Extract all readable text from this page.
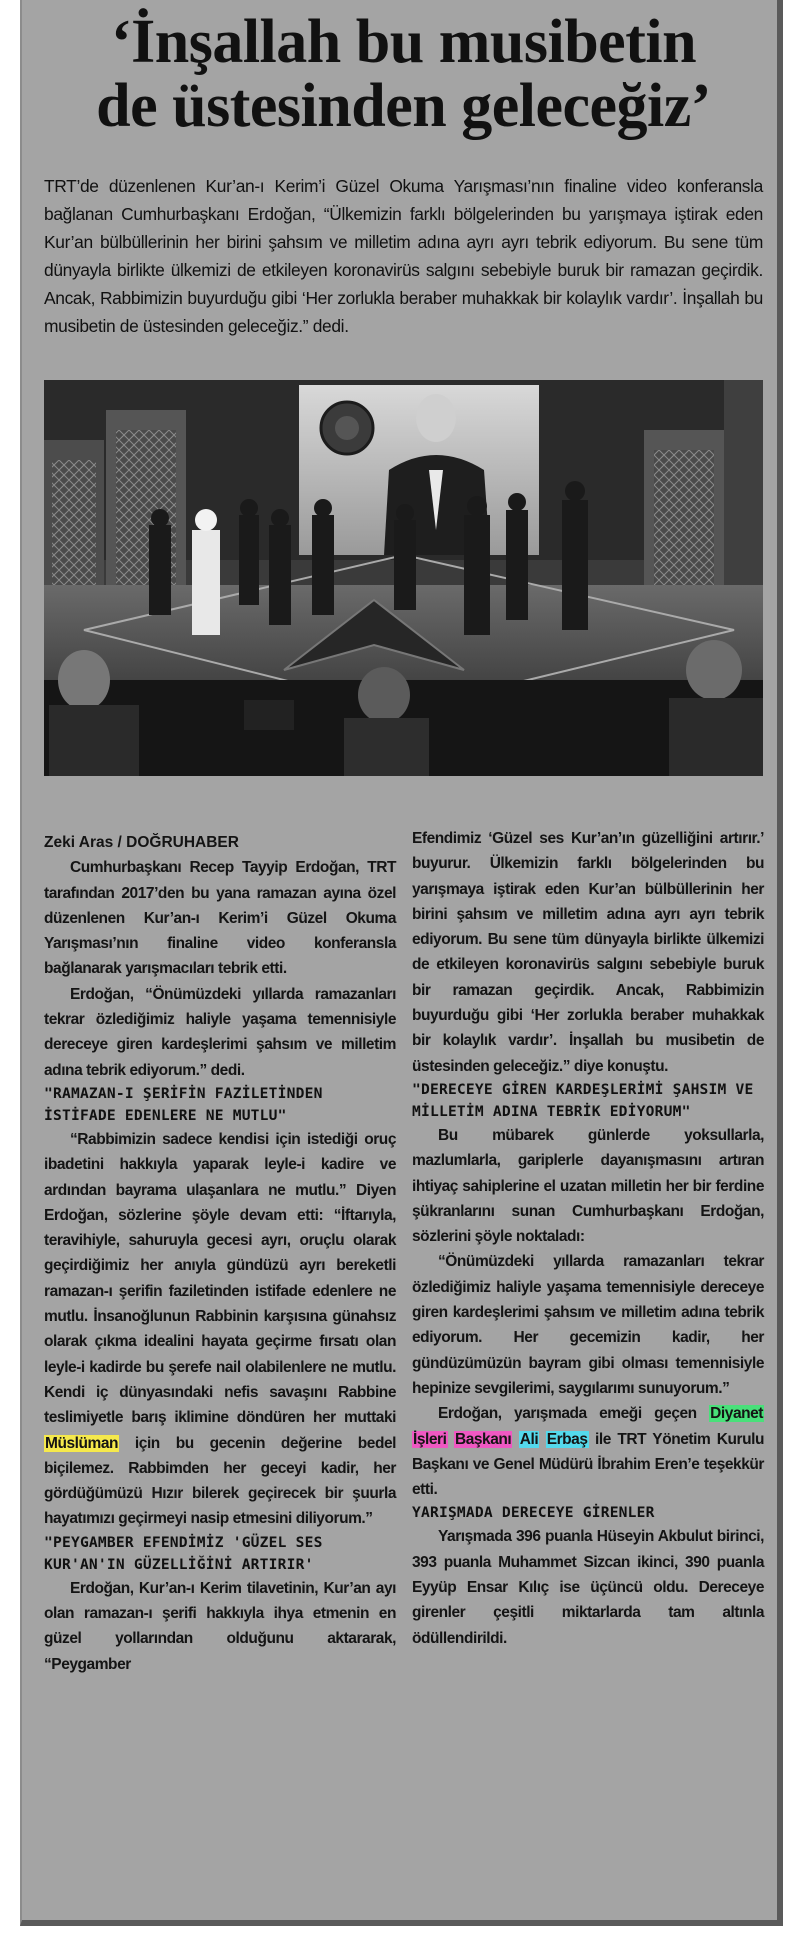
‘İnşallah bu musibetin
de üstesinden geleceğiz’

TRT’de düzenlenen Kur’an-ı Kerim’i Güzel Okuma Yarışması’nın finaline video konferansla bağlanan Cumhurbaşkanı Erdoğan, “Ülkemizin farklı bölgelerinden bu yarışmaya iştirak eden Kur’an bülbüllerinin her birini şahsım ve milletim adına ayrı ayrı tebrik ediyorum. Bu sene tüm dünyayla birlikte ülkemizi de etkileyen koronavirüs salgını sebebiyle buruk bir ramazan geçirdik. Ancak, Rabbimizin buyurduğu gibi ‘Her zorlukla beraber muhakkak bir kolaylık vardır’. İnşallah bu musibetin de üstesinden geleceğiz.” dedi.

Zeki Aras / DOĞRUHABER

Cumhurbaşkanı Recep Tayyip Erdoğan, TRT tarafından 2017’den bu yana ramazan ayına özel düzenlenen Kur’an-ı Kerim’i Güzel Okuma Yarışması’nın finaline video konferansla bağlanarak yarışmacıları tebrik etti.

Erdoğan, “Önümüzdeki yıllarda ramazanları tekrar özlediğimiz haliyle yaşama temennisiyle dereceye giren kardeşlerimi şahsım ve milletim adına tebrik ediyorum.” dedi.

"RAMAZAN-I ŞERİFİN FAZİLETİNDEN İSTİFADE EDENLERE NE MUTLU"

“Rabbimizin sadece kendisi için istediği oruç ibadetini hakkıyla yaparak leyle-i kadire ve ardından bayrama ulaşanlara ne mutlu.” Diyen Erdoğan, sözlerine şöyle devam etti: “İftarıyla, teravihiyle, sahuruyla gecesi ayrı, oruçlu olarak geçirdiğimiz her anıyla gündüzü ayrı bereketli ramazan-ı şerifin faziletinden istifade edenlere ne mutlu. İnsanoğlunun Rabbinin karşısına günahsız olarak çıkma idealini hayata geçirme fırsatı olan leyle-i kadirde bu şerefe nail olabilenlere ne mutlu. Kendi iç dünyasındaki nefis savaşını Rabbine teslimiyetle barış iklimine döndüren her muttaki Müslüman için bu gecenin değerine bedel biçilemez. Rabbimden her geceyi kadir, her gördüğümüzü Hızır bilerek geçirecek bir şuurla hayatımızı geçirmeyi nasip etmesini diliyorum.”

"PEYGAMBER EFENDİMİZ 'GÜZEL SES KUR'AN'IN GÜZELLİĞİNİ ARTIRIR'

Erdoğan, Kur’an-ı Kerim tilavetinin, Kur’an ayı olan ramazan-ı şerifi hakkıyla ihya etmenin en güzel yollarından olduğunu aktararak, “Peygamber

Efendimiz ‘Güzel ses Kur’an’ın güzelliğini artırır.’ buyurur. Ülkemizin farklı bölgelerinden bu yarışmaya iştirak eden Kur’an bülbüllerinin her birini şahsım ve milletim adına ayrı ayrı tebrik ediyorum. Bu sene tüm dünyayla birlikte ülkemizi de etkileyen koronavirüs salgını sebebiyle buruk bir ramazan geçirdik. Ancak, Rabbimizin buyurduğu gibi ‘Her zorlukla beraber muhakkak bir kolaylık vardır’. İnşallah bu musibetin de üstesinden geleceğiz.” diye konuştu.

"DERECEYE GİREN KARDEŞLERİMİ ŞAHSIM VE MİLLETİM ADINA TEBRİK EDİYORUM"

Bu mübarek günlerde yoksullarla, mazlumlarla, gariplerle dayanışmasını artıran ihtiyaç sahiplerine el uzatan milletin her bir ferdine şükranlarını sunan Cumhurbaşkanı Erdoğan, sözlerini şöyle noktaladı:

“Önümüzdeki yıllarda ramazanları tekrar özlediğimiz haliyle yaşama temennisiyle dereceye giren kardeşlerimi şahsım ve milletim adına tebrik ediyorum. Her gecemizin kadir, her gündüzümüzün bayram gibi olması temennisiyle hepinize sevgilerimi, saygılarımı sunuyorum.”

Erdoğan, yarışmada emeği geçen Diyanet İşleri Başkanı Ali Erbaş ile TRT Yönetim Kurulu Başkanı ve Genel Müdürü İbrahim Eren’e teşekkür etti.

YARIŞMADA DERECEYE GİRENLER

Yarışmada 396 puanla Hüseyin Akbulut birinci, 393 puanla Muhammet Sizcan ikinci, 390 puanla Eyyüp Ensar Kılıç ise üçüncü oldu. Dereceye girenler çeşitli miktarlarda tam altınla ödüllendirildi.
